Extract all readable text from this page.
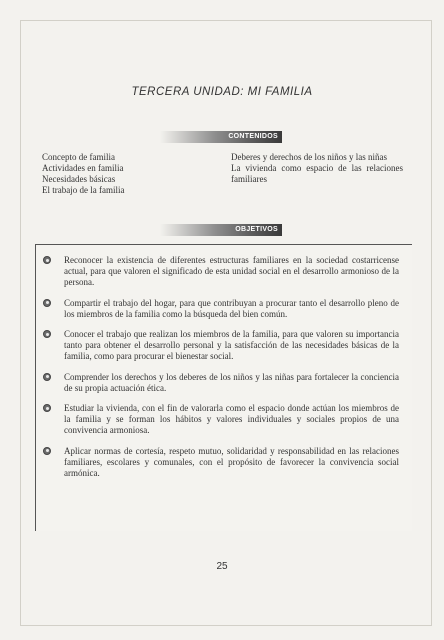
TERCERA UNIDAD: MI FAMILIA
CONTENIDOS
Concepto de familia
Actividades en familia
Necesidades básicas
El trabajo de la familia
Deberes y derechos de los niños y las niñas
La vivienda como espacio de las relaciones familiares
OBJETIVOS
Reconocer la existencia de diferentes estructuras familiares en la sociedad costarricense actual, para que valoren el significado de esta unidad social en el desarrollo armonioso de la persona.
Compartir el trabajo del hogar, para que contribuyan a procurar tanto el desarrollo pleno de los miembros de la familia como la búsqueda del bien común.
Conocer el trabajo que realizan los miembros de la familia, para que valoren su importancia tanto para obtener el desarrollo personal y la satisfacción de las necesidades básicas de la familia, como para procurar el bienestar social.
Comprender los derechos y los deberes de los niños y las niñas para fortalecer la conciencia de su propia actuación ética.
Estudiar la vivienda, con el fin de valorarla como el espacio donde actúan los miembros de la familia y se forman los hábitos y valores individuales y sociales propios de una convivencia armoniosa.
Aplicar normas de cortesía, respeto mutuo, solidaridad y responsabilidad en las relaciones familiares, escolares y comunales, con el propósito de favorecer la convivencia social armónica.
25
